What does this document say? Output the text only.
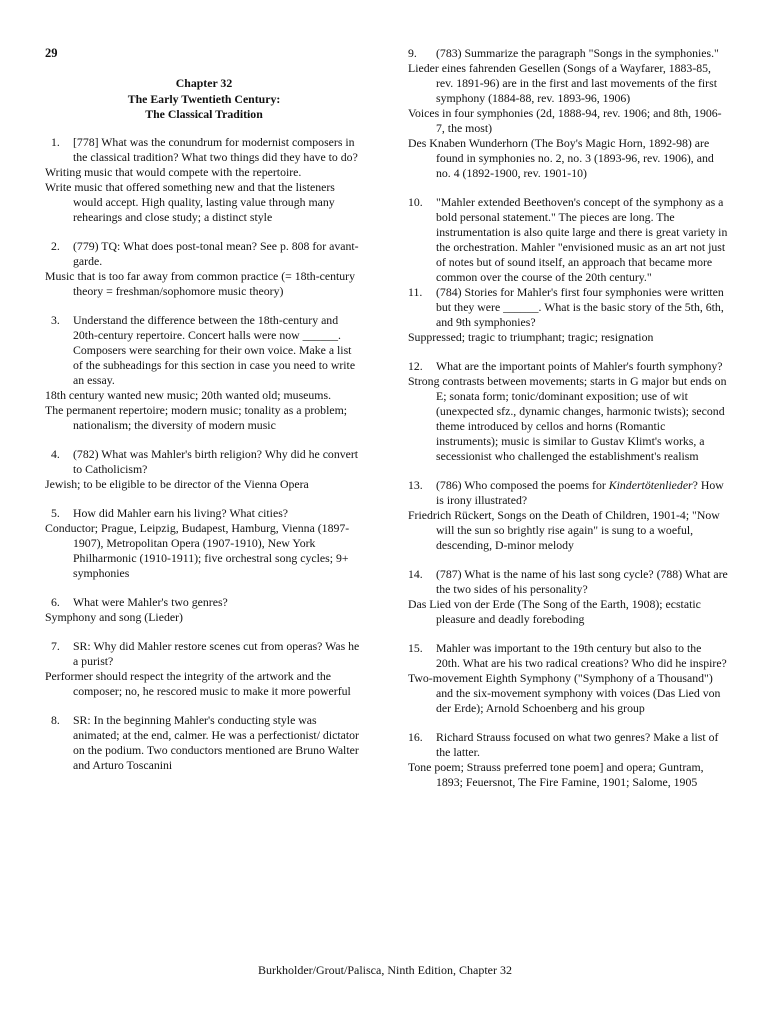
29
Chapter 32
The Early Twentieth Century:
The Classical Tradition
1. [778] What was the conundrum for modernist composers in the classical tradition? What two things did they have to do?
Writing music that would compete with the repertoire.
Write music that offered something new and that the listeners would accept. High quality, lasting value through many rehearings and close study; a distinct style
2. (779) TQ: What does post-tonal mean? See p. 808 for avant-garde.
Music that is too far away from common practice (= 18th-century theory = freshman/sophomore music theory)
3. Understand the difference between the 18th-century and 20th-century repertoire. Concert halls were now ______. Composers were searching for their own voice. Make a list of the subheadings for this section in case you need to write an essay.
18th century wanted new music; 20th wanted old; museums.
The permanent repertoire; modern music; tonality as a problem; nationalism; the diversity of modern music
4. (782) What was Mahler's birth religion? Why did he convert to Catholicism?
Jewish; to be eligible to be director of the Vienna Opera
5. How did Mahler earn his living? What cities?
Conductor; Prague, Leipzig, Budapest, Hamburg, Vienna (1897-1907), Metropolitan Opera (1907-1910), New York Philharmonic (1910-1911); five orchestral song cycles; 9+ symphonies
6. What were Mahler's two genres?
Symphony and song (Lieder)
7. SR: Why did Mahler restore scenes cut from operas? Was he a purist?
Performer should respect the integrity of the artwork and the composer; no, he rescored music to make it more powerful
8. SR: In the beginning Mahler's conducting style was animated; at the end, calmer. He was a perfectionist/ dictator on the podium. Two conductors mentioned are Bruno Walter and Arturo Toscanini
9. (783) Summarize the paragraph "Songs in the symphonies."
Lieder eines fahrenden Gesellen (Songs of a Wayfarer, 1883-85, rev. 1891-96) are in the first and last movements of the first symphony (1884-88, rev. 1893-96, 1906)
Voices in four symphonies (2d, 1888-94, rev. 1906; and 8th, 1906-7, the most)
Des Knaben Wunderhorn (The Boy's Magic Horn, 1892-98) are found in symphonies no. 2, no. 3 (1893-96, rev. 1906), and no. 4 (1892-1900, rev. 1901-10)
10. "Mahler extended Beethoven's concept of the symphony as a bold personal statement." The pieces are long. The instrumentation is also quite large and there is great variety in the orchestration. Mahler "envisioned music as an art not just of notes but of sound itself, an approach that became more common over the course of the 20th century."
11. (784) Stories for Mahler's first four symphonies were written but they were ______. What is the basic story of the 5th, 6th, and 9th symphonies?
Suppressed; tragic to triumphant; tragic; resignation
12. What are the important points of Mahler's fourth symphony?
Strong contrasts between movements; starts in G major but ends on E; sonata form; tonic/dominant exposition; use of wit (unexpected sfz., dynamic changes, harmonic twists); second theme introduced by cellos and horns (Romantic instruments); music is similar to Gustav Klimt's works, a secessionist who challenged the establishment's realism
13. (786) Who composed the poems for Kindertötenlieder? How is irony illustrated?
Friedrich Rückert, Songs on the Death of Children, 1901-4; "Now will the sun so brightly rise again" is sung to a woeful, descending, D-minor melody
14. (787) What is the name of his last song cycle? (788) What are the two sides of his personality?
Das Lied von der Erde (The Song of the Earth, 1908); ecstatic pleasure and deadly foreboding
15. Mahler was important to the 19th century but also to the 20th. What are his two radical creations? Who did he inspire?
Two-movement Eighth Symphony ("Symphony of a Thousand") and the six-movement symphony with voices (Das Lied von der Erde); Arnold Schoenberg and his group
16. Richard Strauss focused on what two genres? Make a list of the latter.
Tone poem; Strauss preferred tone poem] and opera; Guntram, 1893; Feuersnot, The Fire Famine, 1901; Salome, 1905
Burkholder/Grout/Palisca, Ninth Edition, Chapter 32
